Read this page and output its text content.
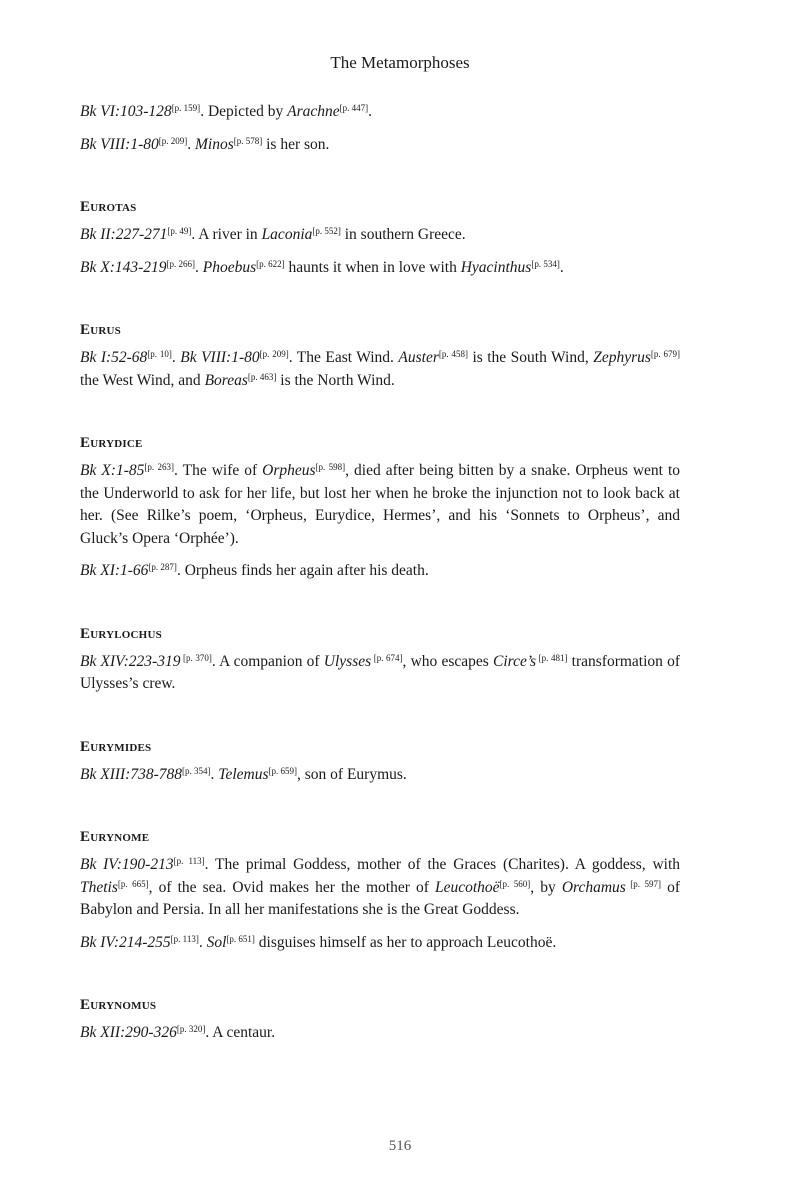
The Metamorphoses

Bk VI:103-128[p. 159]. Depicted by Arachne[p. 447].

Bk VIII:1-80[p. 209]. Minos[p. 578] is her son.

Eurotas

Bk II:227-271[p. 49]. A river in Laconia[p. 552] in southern Greece.

Bk X:143-219[p. 266]. Phoebus[p. 622] haunts it when in love with Hyacinthus[p. 534].

Eurus

Bk I:52-68[p. 10]. Bk VIII:1-80[p. 209]. The East Wind. Auster[p. 458] is the South Wind, Zephyrus[p. 679] the West Wind, and Boreas[p. 463] is the North Wind.

Eurydice

Bk X:1-85[p. 263]. The wife of Orpheus[p. 598], died after being bitten by a snake. Orpheus went to the Underworld to ask for her life, but lost her when he broke the injunction not to look back at her. (See Rilke’s poem, ‘Orpheus, Eurydice, Hermes’, and his ‘Sonnets to Orpheus’, and Gluck’s Opera ‘Orphée’).

Bk XI:1-66[p. 287]. Orpheus finds her again after his death.

Eurylochus

Bk XIV:223-319 [p. 370]. A companion of Ulysses [p. 674], who escapes Circe’s [p. 481] transformation of Ulysses’s crew.

Eurymides

Bk XIII:738-788[p. 354]. Telemus[p. 659], son of Eurymus.

Eurynome

Bk IV:190-213[p. 113]. The primal Goddess, mother of the Graces (Charites). A goddess, with Thetis[p. 665], of the sea. Ovid makes her the mother of Leucothoë[p. 560], by Orchamus [p. 597] of Babylon and Persia. In all her manifestations she is the Great Goddess.

Bk IV:214-255[p. 113]. Sol[p. 651] disguises himself as her to approach Leucothoë.

Eurynomus

Bk XII:290-326[p. 320]. A centaur.

516
